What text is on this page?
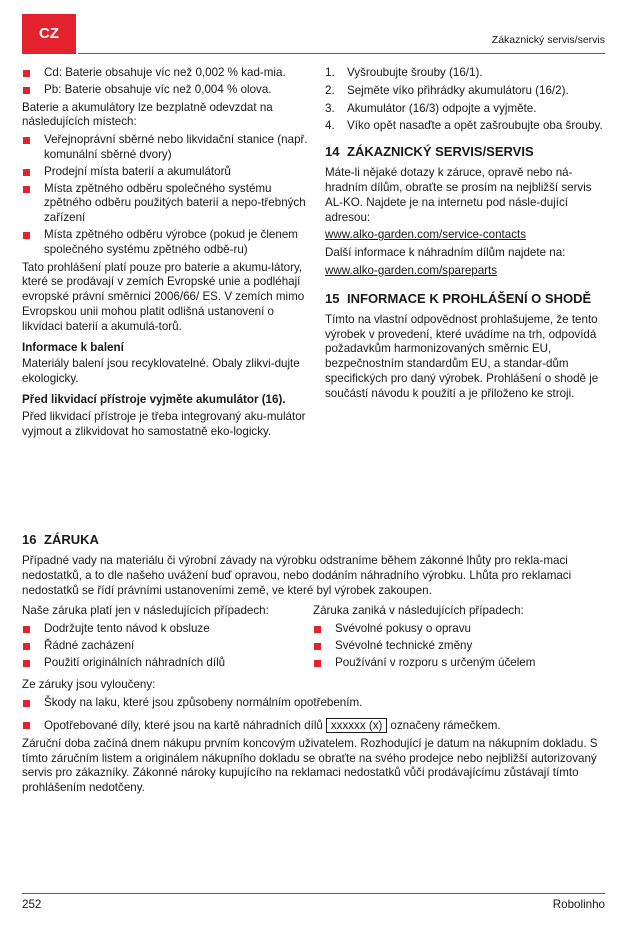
CZ	Zákaznický servis/servis
Cd: Baterie obsahuje víc než 0,002 % kad-mia.
Pb: Baterie obsahuje víc než 0,004 % olova.

Baterie a akumulátory lze bezplatně odevzdat na následujících místech:

Veřejnoprávní sběrné nebo likvidační stanice (např. komunální sběrné dvory)
Prodejní místa baterií a akumulátorů
Místa zpětného odběru společného systému zpětného odběru použitých baterií a nepo-třebných zařízení
Místa zpětného odběru výrobce (pokud je členem společného systému zpětného odbě-ru)

Tato prohlášení platí pouze pro baterie a akumu-látory, které se prodávají v zemích Evropské unie a podléhají evropské právní směrnici 2006/66/ ES. V zemích mimo Evropskou unii mohou platit odlišná ustanovení o likvidaci baterií a akumulá-torů.

Informace k balení

Materiály balení jsou recyklovatelné. Obaly zlikvi-dujte ekologicky.

Před likvidací přístroje vyjměte akumulátor (16).

Před likvidací přístroje je třeba integrovaný aku-mulátor vyjmout a zlikvidovat ho samostatně eko-logicky.

1. Vyšroubujte šrouby (16/1).
2. Sejměte víko přihrádky akumulátoru (16/2).
3. Akumulátor (16/3) odpojte a vyjměte.
4. Víko opět nasaďte a opět zašroubujte oba šrouby.
14 ZÁKAZNICKÝ SERVIS/SERVIS

Máte-li nějaké dotazy k záruce, opravě nebo ná-hradním dílům, obraťte se prosím na nejbližší servis AL-KO. Najdete je na internetu pod násle-dující adresou:

www.alko-garden.com/service-contacts

Další informace k náhradním dílům najdete na:

www.alko-garden.com/spareparts

15 INFORMACE K PROHLÁŠENÍ O SHODĚ

Tímto na vlastní odpovědnost prohlašujeme, že tento výrobek v provedení, které uvádíme na trh, odpovídá požadavkům harmonizovaných směrnic EU, bezpečnostním standardům EU, a standar-dům specifických pro daný výrobek. Prohlášení o shodě je součástí návodu k použití a je přiloženo ke stroji.

16 ZÁRUKA

Případné vady na materiálu či výrobní závady na výrobku odstraníme během zákonné lhůty pro rekla-maci nedostatků, a to dle našeho uvážení buď opravou, nebo dodáním náhradního výrobku. Lhůta pro reklamaci nedostatků se řídí právními ustanoveními země, ve které byl výrobek zakoupen.

Naše záruka platí jen v následujících případech:

Dodržujte tento návod k obsluze
Řádné zacházení
Použití originálních náhradních dílů

Záruka zaniká v následujících případech:

Svévolné pokusy o opravu
Svévolné technické změny
Používání v rozporu s určeným účelem

Ze záruky jsou vyloučeny:

Škody na laku, které jsou způsobeny normálním opotřebením.
Opotřebované díly, které jsou na kartě náhradních dílů xxxxxx (x) označeny rámečkem.

Záruční doba začíná dnem nákupu prvním koncovým uživatelem. Rozhodující je datum na nákupním dokladu. S tímto záručním listem a originálem nákupního dokladu se obraťte na svého prodejce nebo nejbližší autorizovaný servis pro zákazníky. Zákonné nároky kupujícího na reklamaci nedostatků vůči prodávajícímu zůstávají tímto prohlášením nedotčeny.

252	Robolinho
